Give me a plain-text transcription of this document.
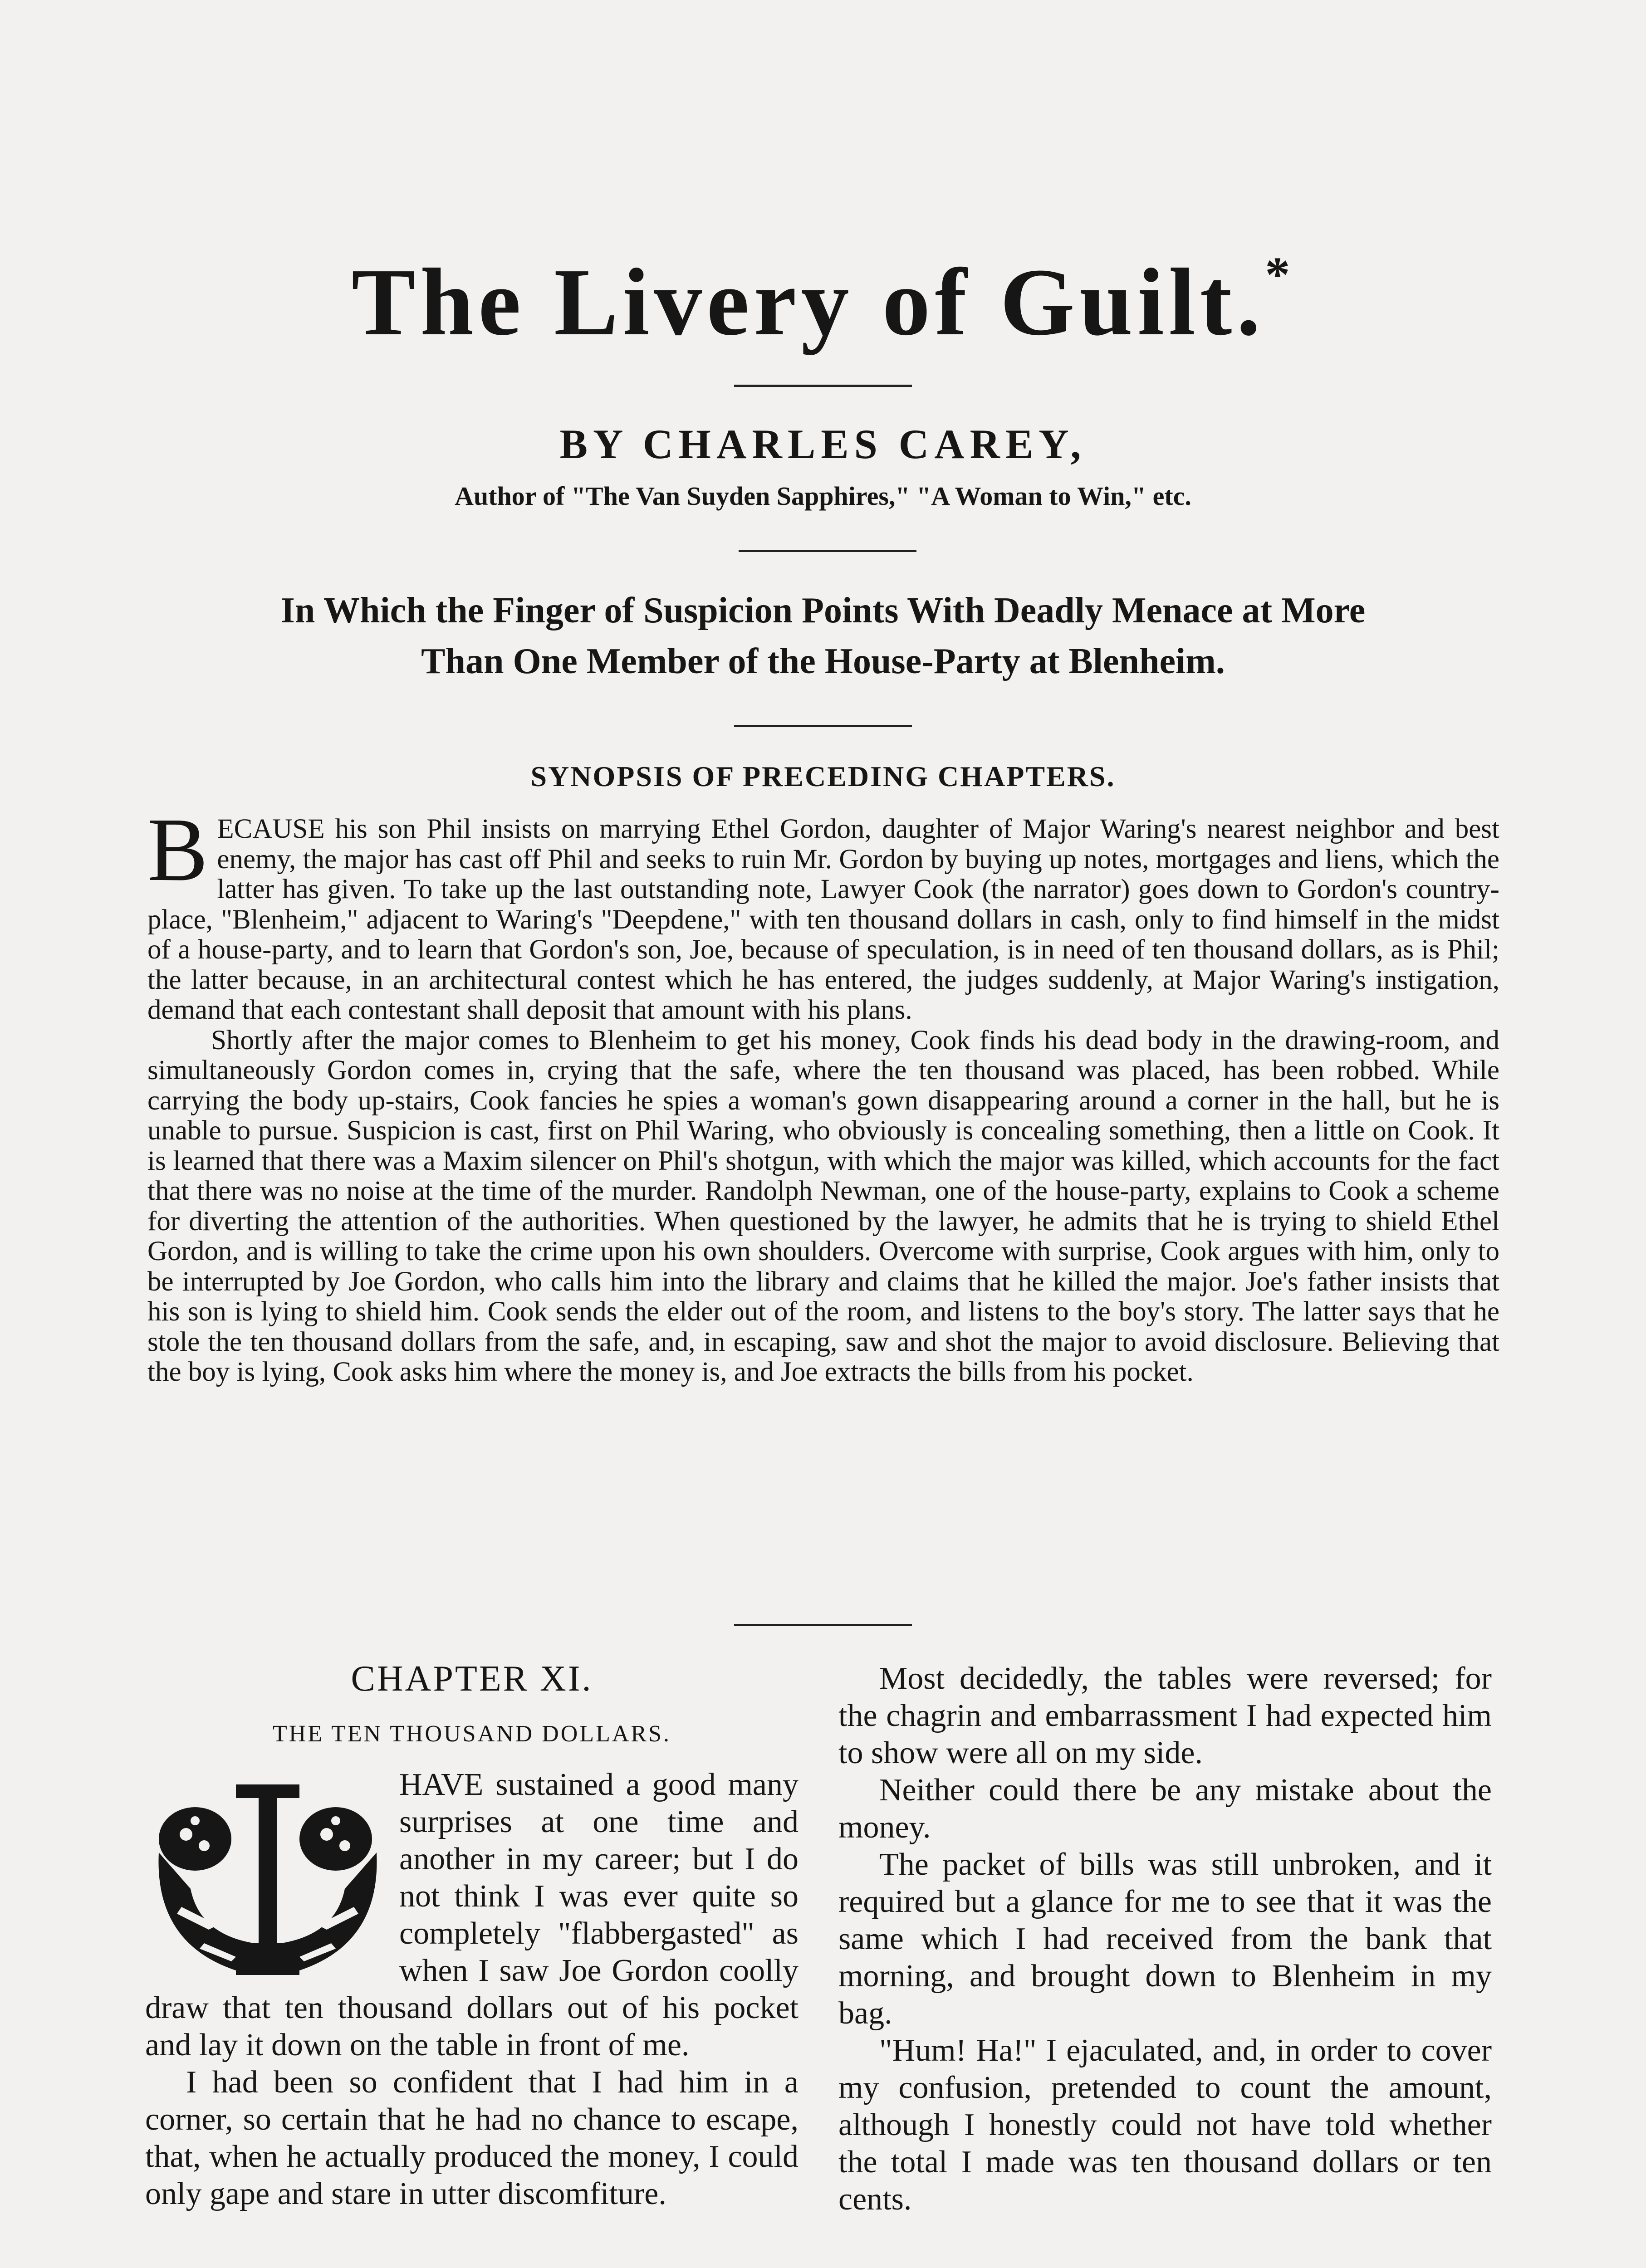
The Livery of Guilt.*
BY CHARLES CAREY,
Author of "The Van Suyden Sapphires," "A Woman to Win," etc.
In Which the Finger of Suspicion Points With Deadly Menace at More
Than One Member of the House-Party at Blenheim.
SYNOPSIS OF PRECEDING CHAPTERS.

BECAUSE his son Phil insists on marrying Ethel Gordon, daughter of Major Waring's nearest neighbor and best enemy, the major has cast off Phil and seeks to ruin Mr. Gordon by buying up notes, mortgages and liens, which the latter has given. To take up the last outstanding note, Lawyer Cook (the narrator) goes down to Gordon's country-place, "Blenheim," adjacent to Waring's "Deepdene," with ten thousand dollars in cash, only to find himself in the midst of a house-party, and to learn that Gordon's son, Joe, because of speculation, is in need of ten thousand dollars, as is Phil; the latter because, in an architectural contest which he has entered, the judges suddenly, at Major Waring's instigation, demand that each contestant shall deposit that amount with his plans.

Shortly after the major comes to Blenheim to get his money, Cook finds his dead body in the drawing-room, and simultaneously Gordon comes in, crying that the safe, where the ten thousand was placed, has been robbed. While carrying the body up-stairs, Cook fancies he spies a woman's gown disappearing around a corner in the hall, but he is unable to pursue. Suspicion is cast, first on Phil Waring, who obviously is concealing something, then a little on Cook. It is learned that there was a Maxim silencer on Phil's shotgun, with which the major was killed, which accounts for the fact that there was no noise at the time of the murder. Randolph Newman, one of the house-party, explains to Cook a scheme for diverting the attention of the authorities. When questioned by the lawyer, he admits that he is trying to shield Ethel Gordon, and is willing to take the crime upon his own shoulders. Overcome with surprise, Cook argues with him, only to be interrupted by Joe Gordon, who calls him into the library and claims that he killed the major. Joe's father insists that his son is lying to shield him. Cook sends the elder out of the room, and listens to the boy's story. The latter says that he stole the ten thousand dollars from the safe, and, in escaping, saw and shot the major to avoid disclosure. Believing that the boy is lying, Cook asks him where the money is, and Joe extracts the bills from his pocket.

CHAPTER XI.
THE TEN THOUSAND DOLLARS.

HAVE sustained a good many surprises at one time and another in my career; but I do not think I was ever quite so completely "flabbergasted" as when I saw Joe Gordon coolly draw that ten thousand dollars out of his pocket and lay it down on the table in front of me.

I had been so confident that I had him in a corner, so certain that he had no chance to escape, that, when he actually produced the money, I could only gape and stare in utter discomfiture.

Most decidedly, the tables were reversed; for the chagrin and embarrassment I had expected him to show were all on my side.

Neither could there be any mistake about the money.

The packet of bills was still unbroken, and it required but a glance for me to see that it was the same which I had received from the bank that morning, and brought down to Blenheim in my bag.

"Hum! Ha!" I ejaculated, and, in order to cover my confusion, pretended to count the amount, although I honestly could not have told whether the total I made was ten thousand dollars or ten cents.
